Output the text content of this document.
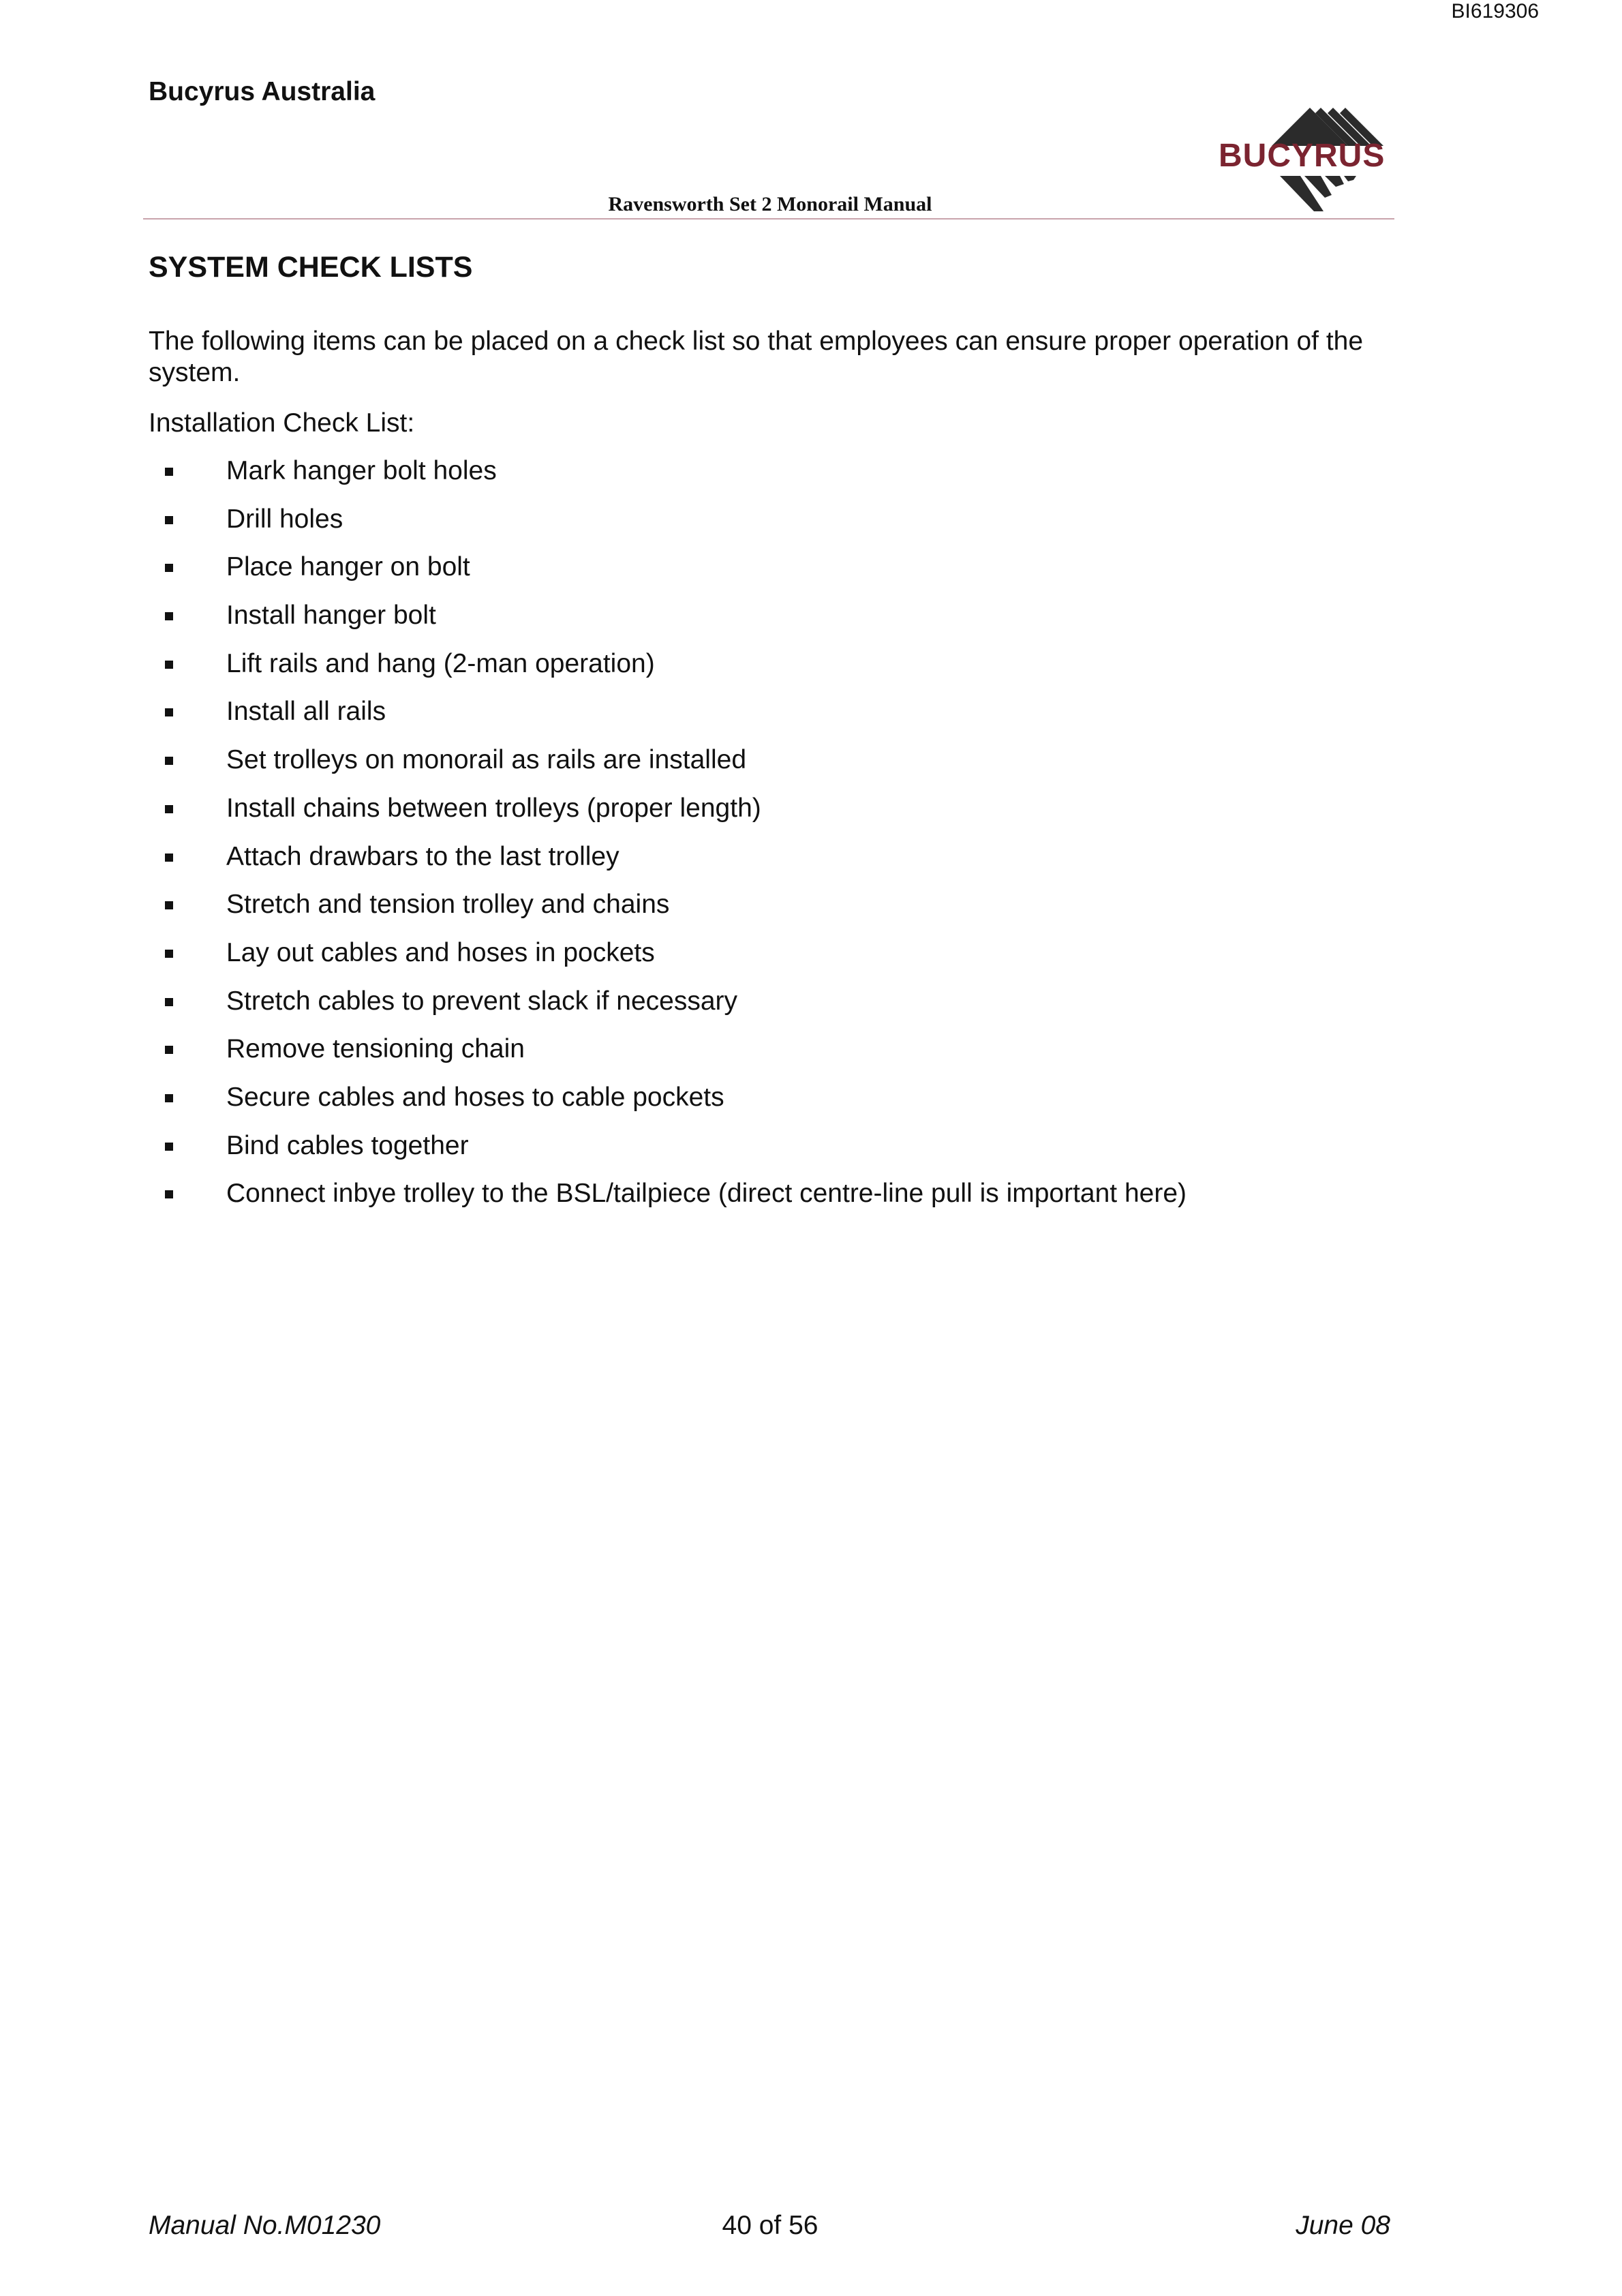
BI619306
Bucyrus Australia
BUCYRUS
Ravensworth Set 2 Monorail Manual
SYSTEM CHECK LISTS

The following items can be placed on a check list so that employees can ensure proper operation of the system.

Installation Check List:

Mark hanger bolt holes
Drill holes
Place hanger on bolt
Install hanger bolt
Lift rails and hang (2-man operation)
Install all rails
Set trolleys on monorail as rails are installed
Install chains between trolleys (proper length)
Attach drawbars to the last trolley
Stretch and tension trolley and chains
Lay out cables and hoses in pockets
Stretch cables to prevent slack if necessary
Remove tensioning chain
Secure cables and hoses to cable pockets
Bind cables together
Connect inbye trolley to the BSL/tailpiece (direct centre-line pull is important here)
Manual No.M01230	40 of 56	June 08
